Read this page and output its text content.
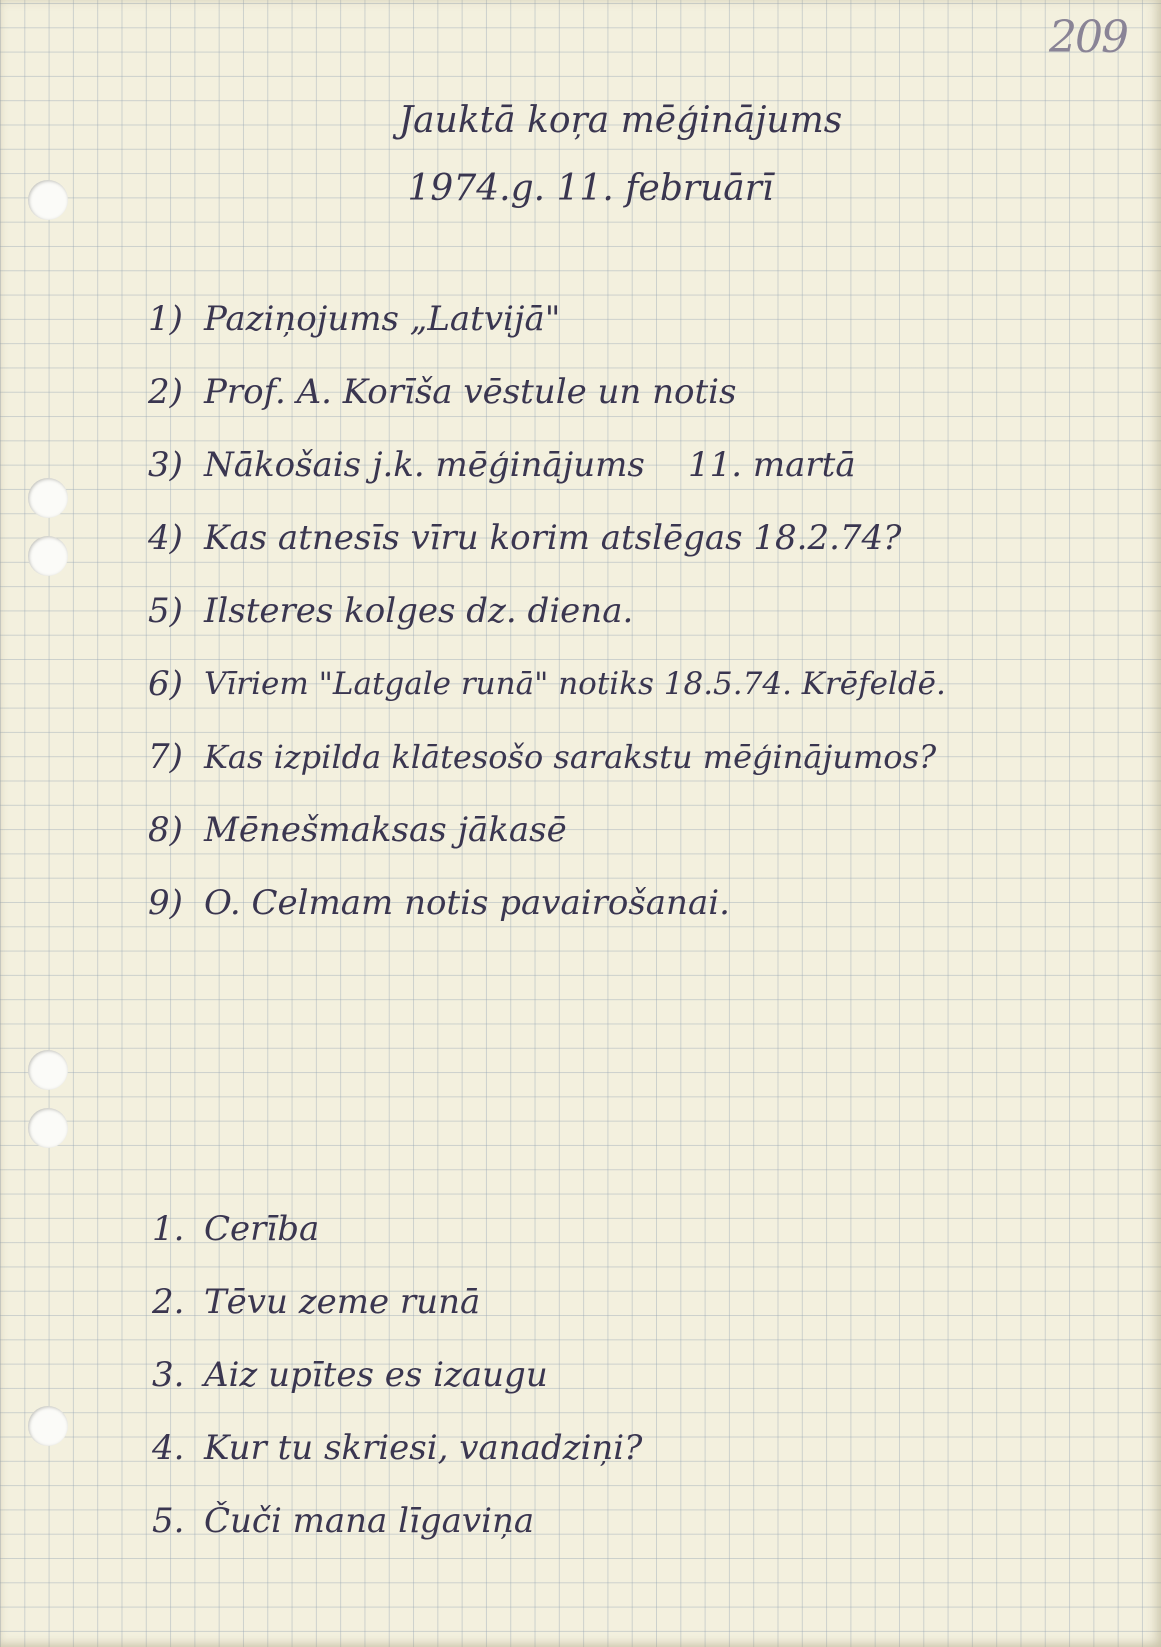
209
Jauktā koŗa mēģinājums
1974.g. 11. februārī
1) Paziņojums „Latvijā"
2) Prof. A. Korīša vēstule un notis
3) Nākošais j.k. mēģinājums    11. martā
4) Kas atnesīs vīru korim atslēgas 18.2.74?
5) Ilsteres kolges dz. diena.
6) Vīriem "Latgale runā" notiks 18.5.74. Krēfeldē.
7) Kas izpilda klātesošo sarakstu mēģinājumos?
8) Mēnešmaksas jākasē
9) O. Celmam notis pavairošanai.
1. Cerība
2. Tēvu zeme runā
3. Aiz upītes es izaugu
4. Kur tu skriesi, vanadziņi?
5. Čuči mana līgaviņa
